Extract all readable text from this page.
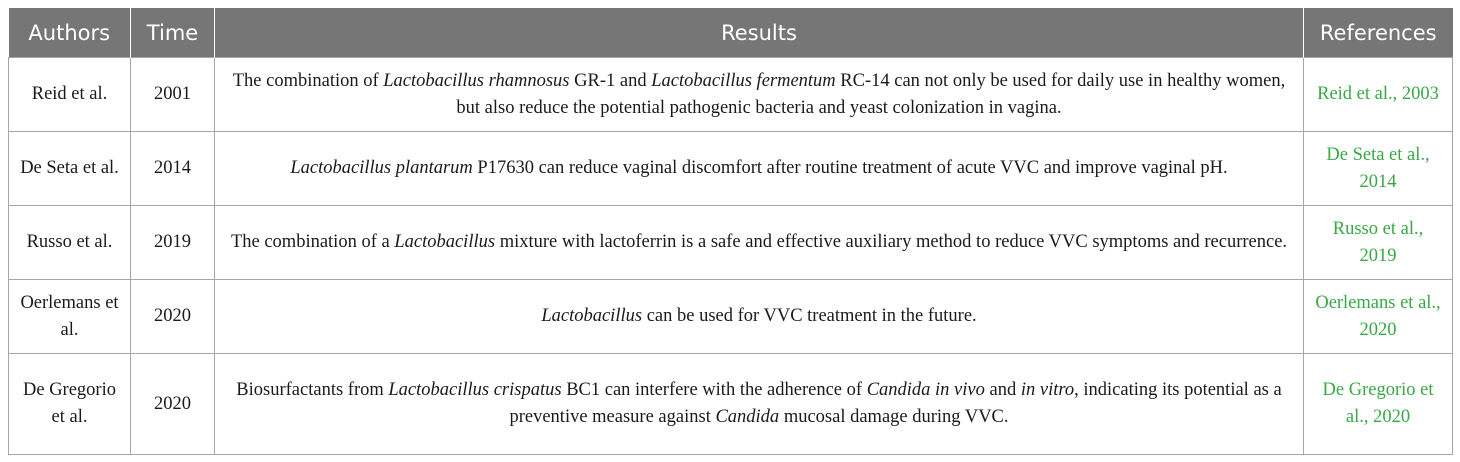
Authors	Time	Results	References
Reid et al.	2001	The combination of Lactobacillus rhamnosus GR-1 and Lactobacillus fermentum RC-14 can not only be used for daily use in healthy women, but also reduce the potential pathogenic bacteria and yeast colonization in vagina.	Reid et al., 2003
De Seta et al.	2014	Lactobacillus plantarum P17630 can reduce vaginal discomfort after routine treatment of acute VVC and improve vaginal pH.	De Seta et al., 2014
Russo et al.	2019	The combination of a Lactobacillus mixture with lactoferrin is a safe and effective auxiliary method to reduce VVC symptoms and recurrence.	Russo et al., 2019
Oerlemans et al.	2020	Lactobacillus can be used for VVC treatment in the future.	Oerlemans et al., 2020
De Gregorio et al.	2020	Biosurfactants from Lactobacillus crispatus BC1 can interfere with the adherence of Candida in vivo and in vitro, indicating its potential as a preventive measure against Candida mucosal damage during VVC.	De Gregorio et al., 2020
